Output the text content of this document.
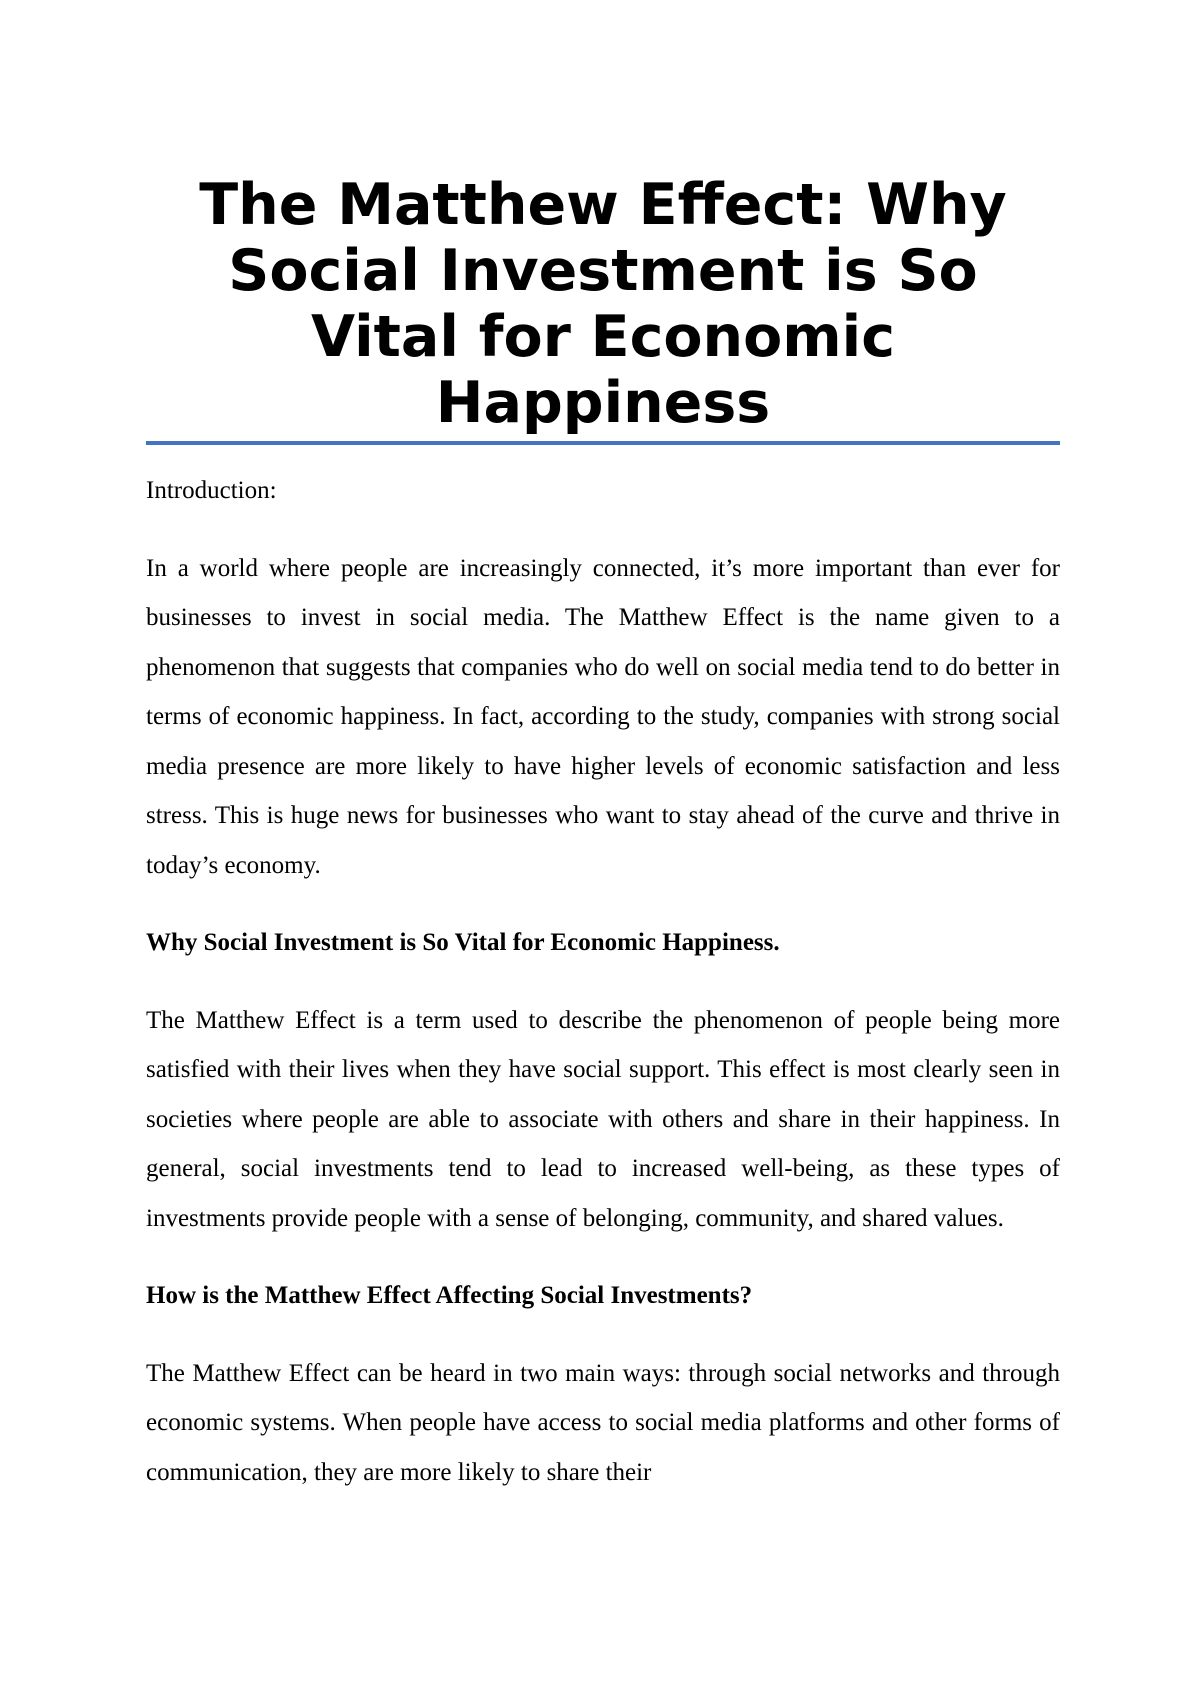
The Matthew Effect: Why Social Investment is So Vital for Economic Happiness

Introduction:

In a world where people are increasingly connected, it’s more important than ever for businesses to invest in social media. The Matthew Effect is the name given to a phenomenon that suggests that companies who do well on social media tend to do better in terms of economic happiness. In fact, according to the study, companies with strong social media presence are more likely to have higher levels of economic satisfaction and less stress. This is huge news for businesses who want to stay ahead of the curve and thrive in today’s economy.

Why Social Investment is So Vital for Economic Happiness.

The Matthew Effect is a term used to describe the phenomenon of people being more satisfied with their lives when they have social support. This effect is most clearly seen in societies where people are able to associate with others and share in their happiness. In general, social investments tend to lead to increased well-being, as these types of investments provide people with a sense of belonging, community, and shared values.

How is the Matthew Effect Affecting Social Investments?

The Matthew Effect can be heard in two main ways: through social networks and through economic systems. When people have access to social media platforms and other forms of communication, they are more likely to share their
